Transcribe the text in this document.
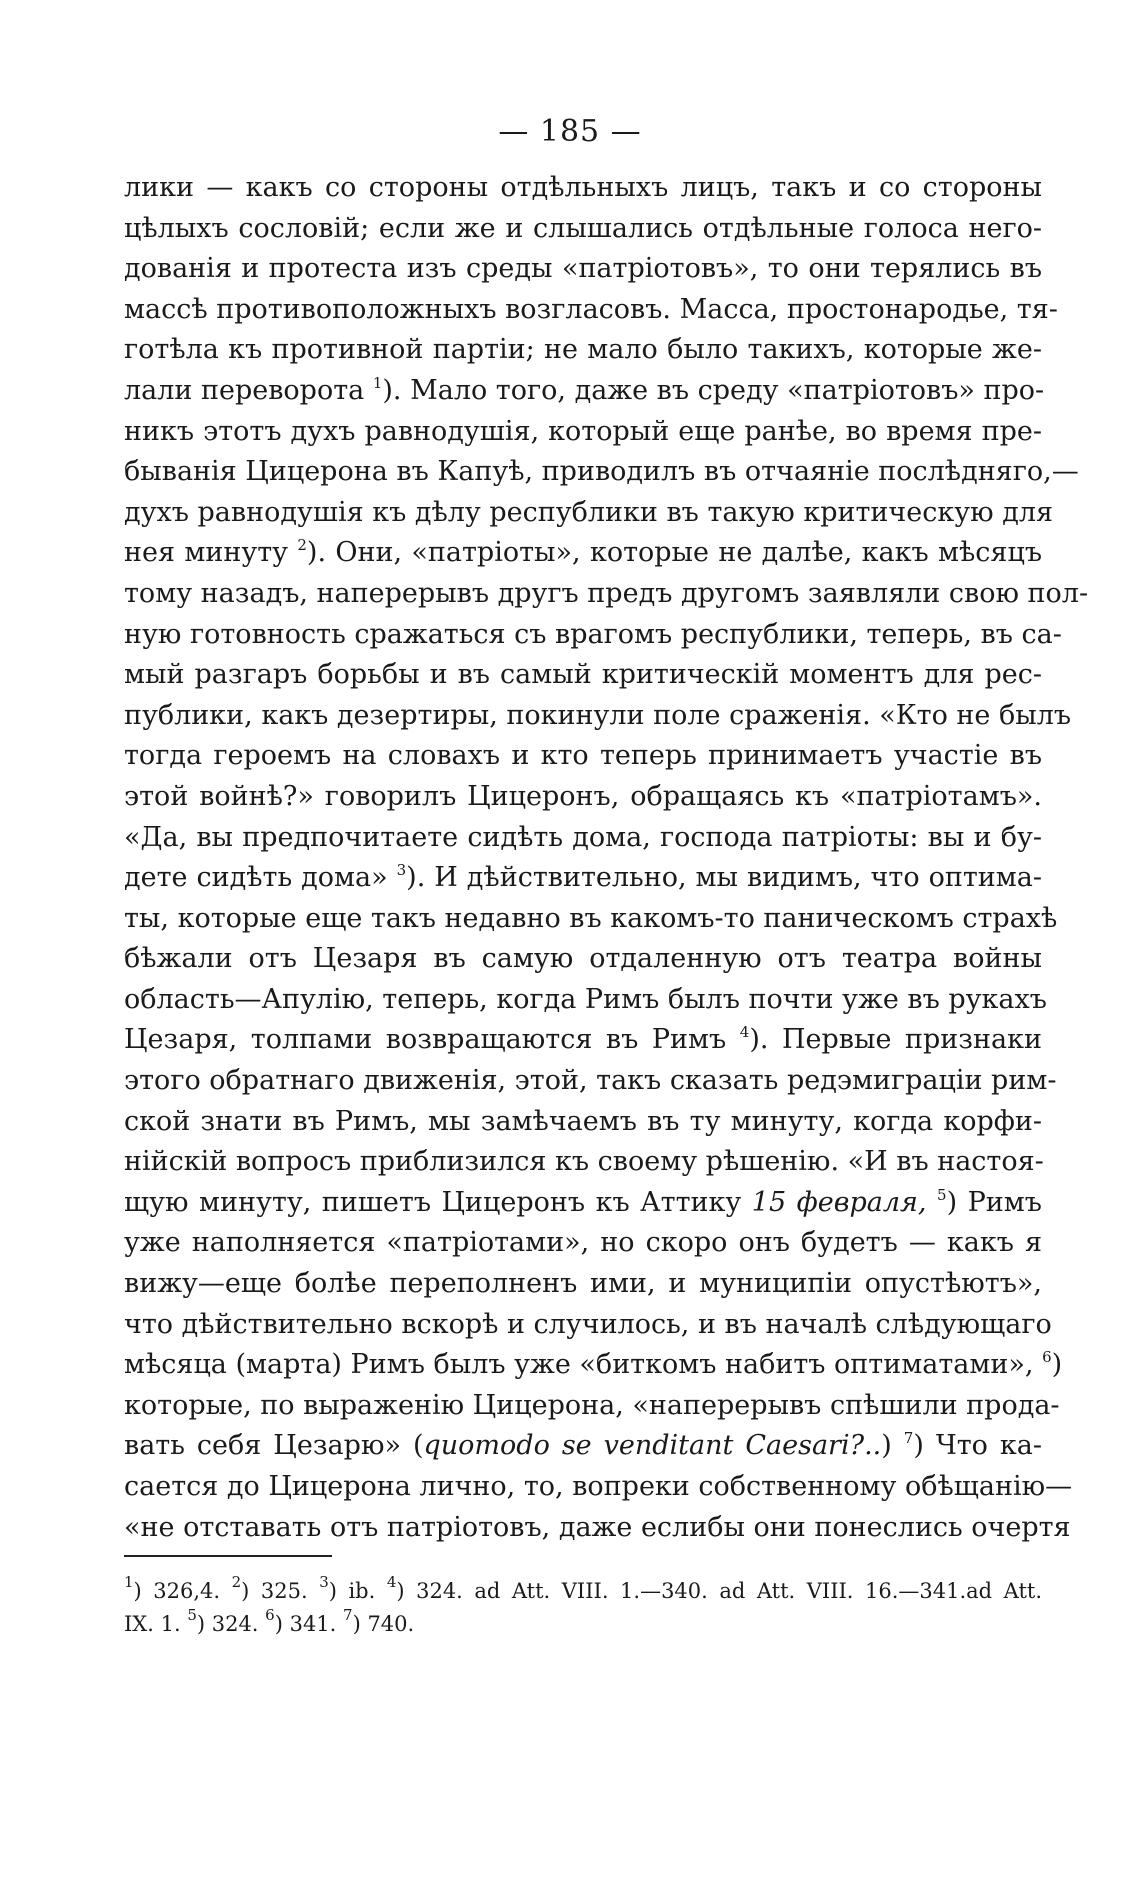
— 185 —
лики — какъ со стороны отдѣльныхъ лицъ, такъ и со стороны
цѣлыхъ сословій; если же и слышались отдѣльные голоса негo-
дованія и протеста изъ среды «патріотовъ», то они терялись въ
массѣ противоположныхъ возгласовъ. Масса, простонародье, тя-
готѣла къ противной партіи; не мало было такихъ, которые же-
лали переворота $^1$). Мало того, даже въ среду «патріотовъ» про-
никъ этотъ духъ равнодушія, который еще ранѣе, во время пре-
быванія Цицерона въ Капуѣ, приводилъ въ отчаяніе послѣдняго,—
духъ равнодушія къ дѣлу республики въ такую критическую для
нея минуту $^2$). Они, «патріоты», которые не далѣе, какъ мѣсяцъ
тому назадъ, наперерывъ другъ предъ другомъ заявляли свою пол-
ную готовность сражаться съ врагомъ республики, теперь, въ са-
мый разгаръ борьбы и въ самый критическій моментъ для рес-
публики, какъ дезертиры, покинули поле сраженія. «Кто не былъ
тогда героемъ на словахъ и кто теперь принимаетъ участіе въ
этой войнѣ?» говорилъ Цицеронъ, обращаясь къ «патріотамъ».
«Да, вы предпочитаете сидѣть дома, господа патріоты: вы и бу-
дете сидѣть дома» $^3$). И дѣйствительно, мы видимъ, что оптима-
ты, которые еще такъ недавно въ какомъ-то паническомъ страхѣ
бѣжали отъ Цезаря въ самую отдаленную отъ театра войны
область—Апулію, теперь, когда Римъ былъ почти уже въ рукахъ
Цезаря, толпами возвращаются въ Римъ $^4$). Первые признаки
этого обратнаго движенія, этой, такъ сказать редэмиграціи рим-
ской знати въ Римъ, мы замѣчаемъ въ ту минуту, когда корфи-
нійскій вопросъ приблизился къ своему рѣшенію. «И въ настоя-
щую минуту, пишетъ Цицеронъ къ Аттику 15 февраля, $^5$) Римъ
уже наполняется «патріотами», но скоро онъ будетъ — какъ я
вижу—еще болѣе переполненъ ими, и муниципіи опустѣютъ»,
что дѣйствительно вскорѣ и случилось, и въ началѣ слѣдующаго
мѣсяца (марта) Римъ былъ уже «биткомъ набитъ оптиматами», $^6$)
которые, по выраженію Цицерона, «наперерывъ спѣшили прода-
вать себя Цезарю» (quomodo se venditant Caesari?..) $^7$) Что ка-
сается до Цицерона лично, то, вопреки собственному обѣщанію—
«не отставать отъ патріотовъ, даже еслибы они понеслись очертя
$^1$) 326,4. $^2$) 325. $^3$) ib. $^4$) 324. ad Att. VIII. 1.—340. ad Att. VIII. 16.—341.ad Att.
IX. 1. $^5$) 324. $^6$) 341. $^7$) 740.
